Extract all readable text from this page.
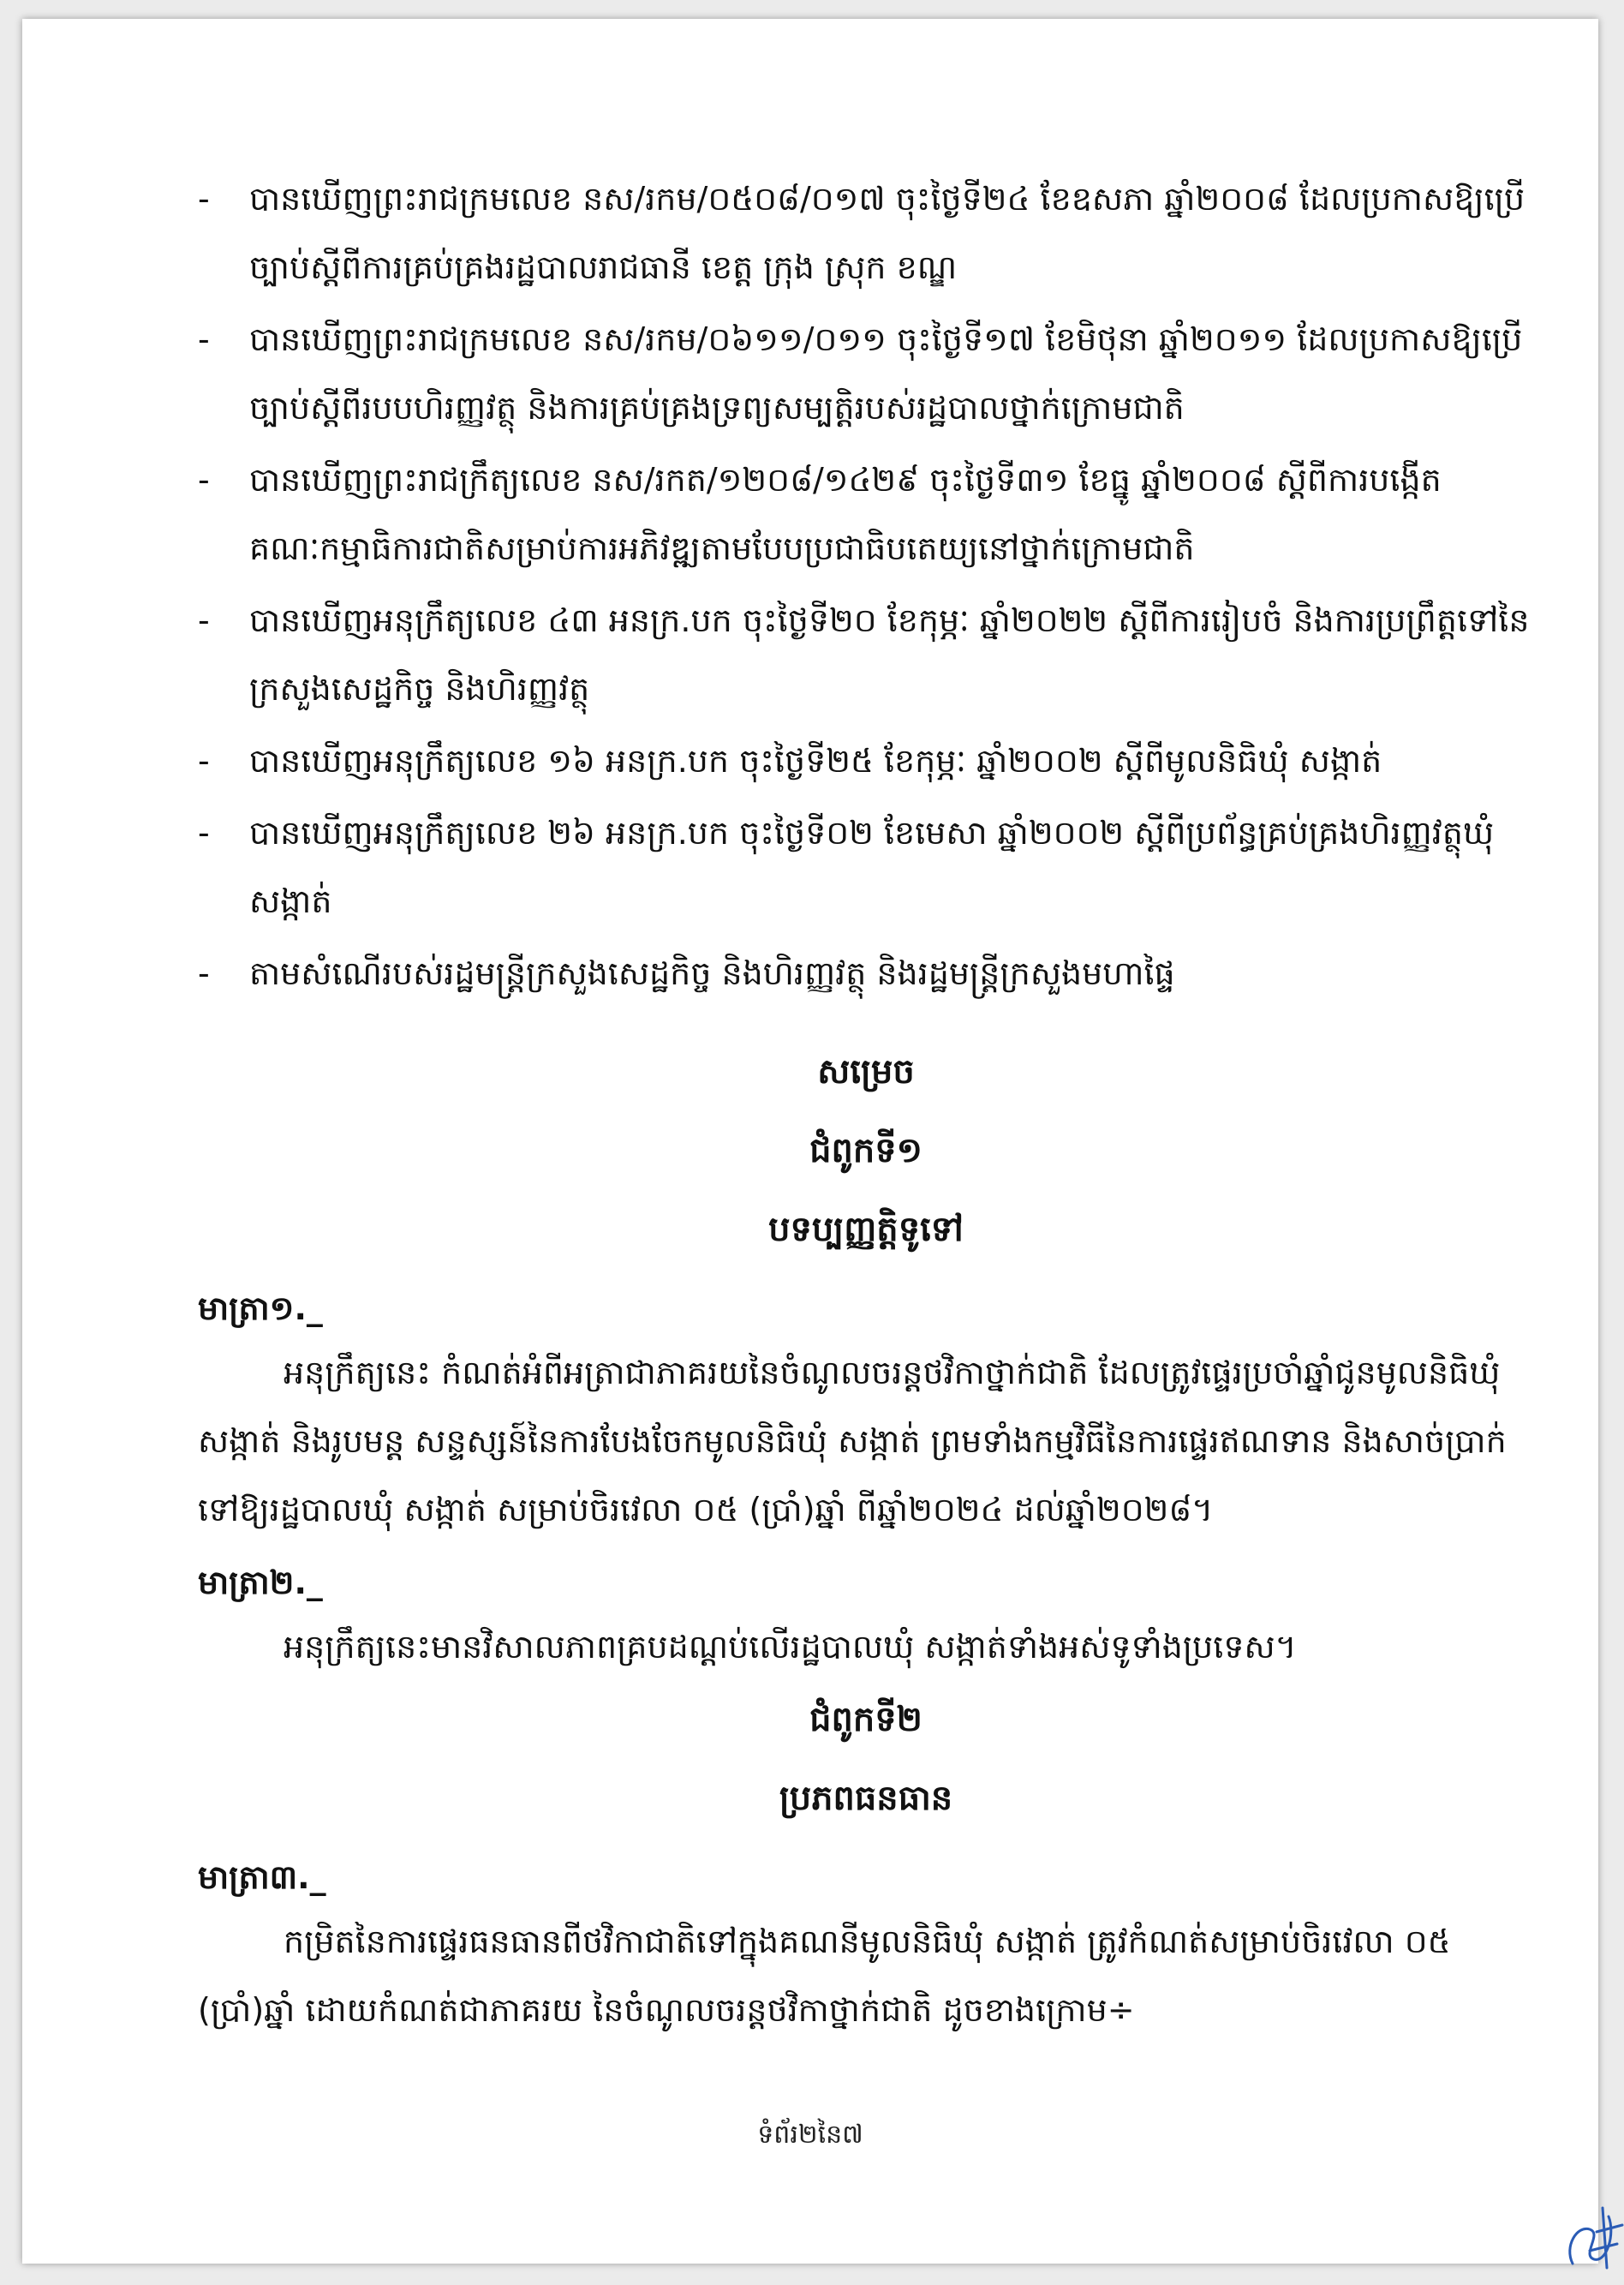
-	បានឃើញព្រះរាជក្រមលេខ នស/រកម/០៥០៨/០១៧ ចុះថ្ងៃទី២៤ ខែឧសភា ឆ្នាំ២០០៨ ដែលប្រកាសឱ្យប្រើច្បាប់ស្តីពីការគ្រប់គ្រងរដ្ឋបាលរាជធានី ខេត្ត ក្រុង ស្រុក ខណ្ឌ
-	បានឃើញព្រះរាជក្រមលេខ នស/រកម/០៦១១/០១១ ចុះថ្ងៃទី១៧ ខែមិថុនា ឆ្នាំ២០១១ ដែលប្រកាសឱ្យប្រើច្បាប់ស្តីពីរបបហិរញ្ញវត្ថុ និងការគ្រប់គ្រងទ្រព្យសម្បត្តិរបស់រដ្ឋបាលថ្នាក់ក្រោមជាតិ
-	បានឃើញព្រះរាជក្រឹត្យលេខ នស/រកត/១២០៨/១៤២៩ ចុះថ្ងៃទី៣១ ខែធ្នូ ឆ្នាំ២០០៨ ស្តីពីការបង្កើតគណៈកម្មាធិការជាតិសម្រាប់ការអភិវឌ្ឍតាមបែបប្រជាធិបតេយ្យនៅថ្នាក់ក្រោមជាតិ
-	បានឃើញអនុក្រឹត្យលេខ ៤៣ អនក្រ.បក ចុះថ្ងៃទី២០ ខែកុម្ភៈ ឆ្នាំ២០២២ ស្តីពីការរៀបចំ និងការប្រព្រឹត្តទៅនៃក្រសួងសេដ្ឋកិច្ច និងហិរញ្ញវត្ថុ
-	បានឃើញអនុក្រឹត្យលេខ ១៦ អនក្រ.បក ចុះថ្ងៃទី២៥ ខែកុម្ភៈ ឆ្នាំ២០០២ ស្តីពីមូលនិធិឃុំ សង្កាត់
-	បានឃើញអនុក្រឹត្យលេខ ២៦ អនក្រ.បក ចុះថ្ងៃទី០២ ខែមេសា ឆ្នាំ២០០២ ស្តីពីប្រព័ន្ធគ្រប់គ្រងហិរញ្ញវត្ថុឃុំ សង្កាត់
-	តាមសំណើរបស់រដ្ឋមន្ត្រីក្រសួងសេដ្ឋកិច្ច និងហិរញ្ញវត្ថុ និងរដ្ឋមន្ត្រីក្រសួងមហាផ្ទៃ
សម្រេច
ជំពូកទី១
បទប្បញ្ញត្តិទូទៅ

មាត្រា១._

អនុក្រឹត្យនេះ កំណត់អំពីអត្រាជាភាគរយនៃចំណូលចរន្តថវិកាថ្នាក់ជាតិ ដែលត្រូវផ្ទេរប្រចាំឆ្នាំជូនមូលនិធិឃុំ សង្កាត់ និងរូបមន្ត សន្ទស្សន៍នៃការបែងចែកមូលនិធិឃុំ សង្កាត់ ព្រមទាំងកម្មវិធីនៃការផ្ទេរឥណទាន និងសាច់ប្រាក់ទៅឱ្យរដ្ឋបាលឃុំ សង្កាត់ សម្រាប់ចិរវេលា ០៥ (ប្រាំ)ឆ្នាំ ពីឆ្នាំ២០២៤ ដល់ឆ្នាំ២០២៨។

មាត្រា២._

អនុក្រឹត្យនេះមានវិសាលភាពគ្របដណ្តប់លើរដ្ឋបាលឃុំ សង្កាត់ទាំងអស់ទូទាំងប្រទេស។

ជំពូកទី២
ប្រភពធនធាន

មាត្រា៣._

កម្រិតនៃការផ្ទេរធនធានពីថវិកាជាតិទៅក្នុងគណនីមូលនិធិឃុំ សង្កាត់ ត្រូវកំណត់សម្រាប់ចិរវេលា ០៥ (ប្រាំ)ឆ្នាំ ដោយកំណត់ជាភាគរយ នៃចំណូលចរន្តថវិកាថ្នាក់ជាតិ ដូចខាងក្រោម÷

ទំព័រ២នៃ៧
